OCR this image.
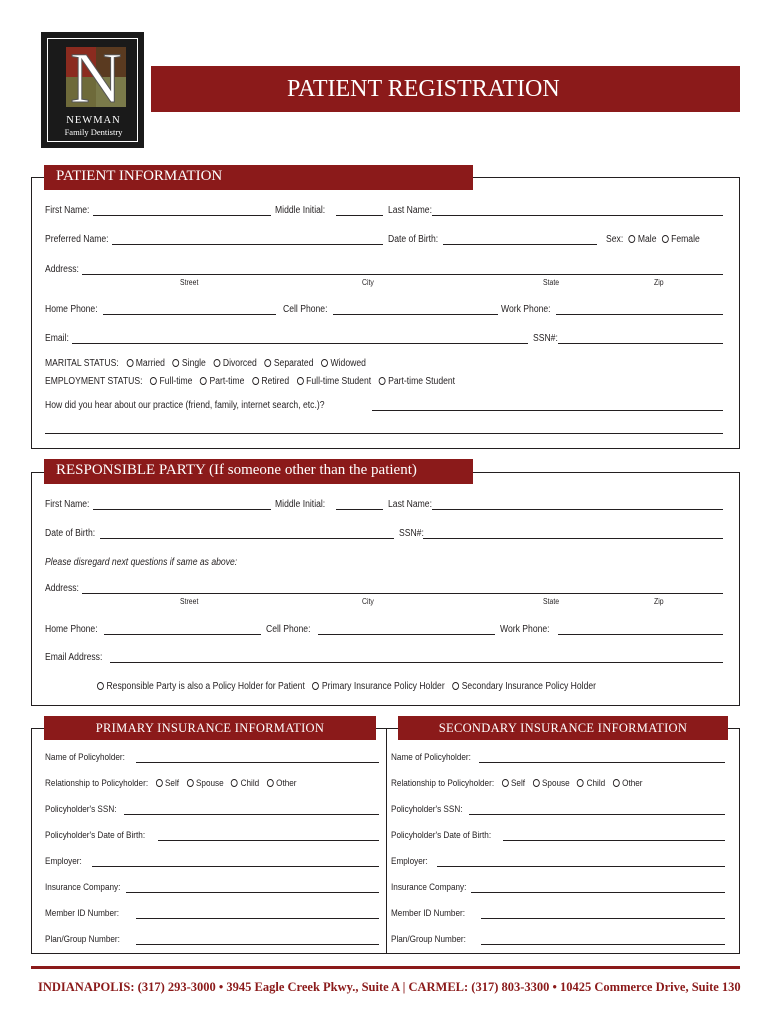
N
NEWMAN
Family Dentistry
PATIENT REGISTRATION
PATIENT INFORMATION
First Name:	Middle Initial:	Last Name:
Preferred Name:	Date of Birth:	Sex: Male Female
Address:
Street	City	State	Zip
Home Phone:	Cell Phone:	Work Phone:
Email:	SSN#:
MARITAL STATUS: Married Single Divorced Separated Widowed
EMPLOYMENT STATUS: Full-time Part-time Retired Full-time Student Part-time Student
How did you hear about our practice (friend, family, internet search, etc.)?
RESPONSIBLE PARTY (If someone other than the patient)
First Name:	Middle Initial:	Last Name:
Date of Birth:	SSN#:
Please disregard next questions if same as above:
Address:
Street	City	State	Zip
Home Phone:	Cell Phone:	Work Phone:
Email Address:
Responsible Party is also a Policy Holder for Patient Primary Insurance Policy Holder Secondary Insurance Policy Holder
PRIMARY INSURANCE INFORMATION
Name of Policyholder:
Relationship to Policyholder: Self Spouse Child Other
Policyholder's SSN:
Policyholder's Date of Birth:
Employer:
Insurance Company:
Member ID Number:
Plan/Group Number:
SECONDARY INSURANCE INFORMATION
Name of Policyholder:
Relationship to Policyholder: Self Spouse Child Other
Policyholder's SSN:
Policyholder's Date of Birth:
Employer:
Insurance Company:
Member ID Number:
Plan/Group Number:
INDIANAPOLIS: (317) 293-3000 • 3945 Eagle Creek Pkwy., Suite A | CARMEL: (317) 803-3300 • 10425 Commerce Drive, Suite 130
